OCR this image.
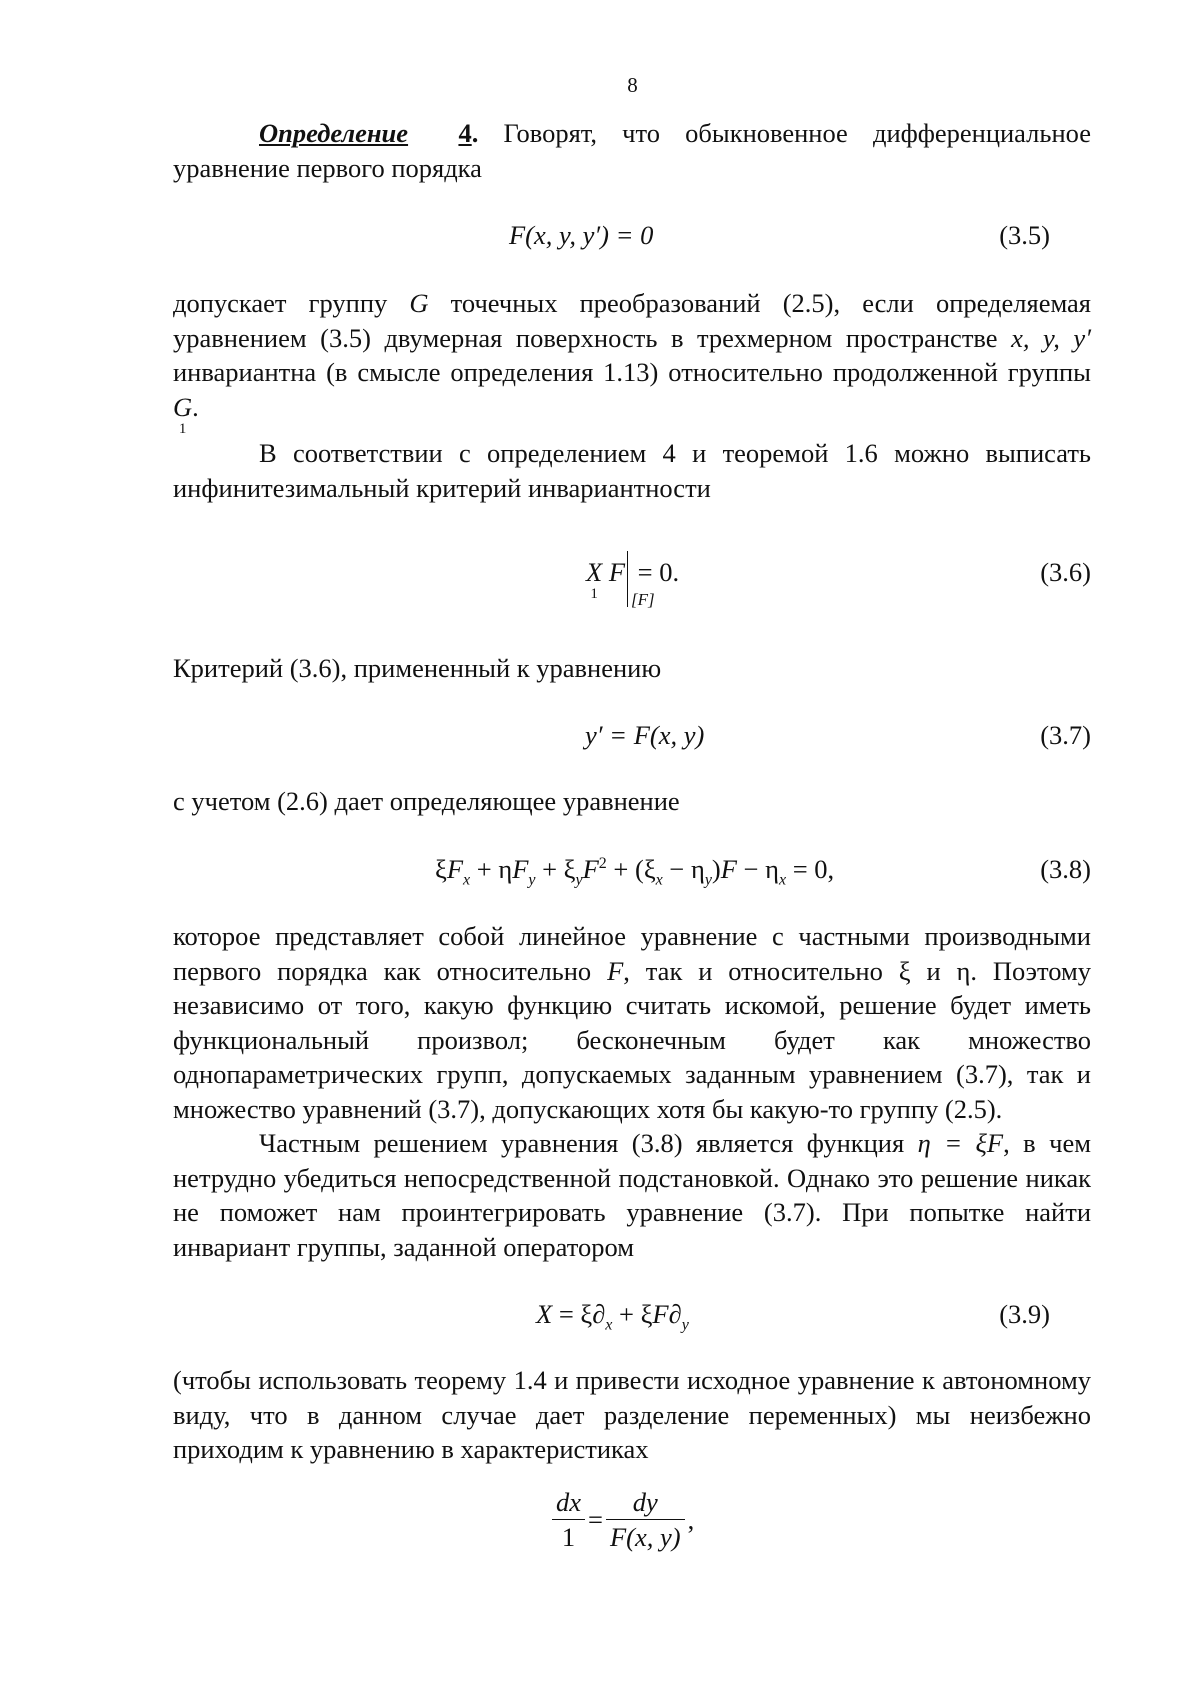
8

Определение 4. Говорят, что обыкновенное дифференциальное уравнение первого порядка

F(x, y, y′) = 0	(3.5)

допускает группу G точечных преобразований (2.5), если определяемая уравнением (3.5) двумерная поверхность в трехмерном пространстве x, y, y′ инвариантна (в смысле определения 1.13) относительно продолженной группы G
1
.

В соответствии с определением 4 и теоремой 1.6 можно выписать инфинитезимальный критерий инвариантности

X
1
F
[F]
= 0.	(3.6)

Критерий (3.6), примененный к уравнению

y′ = F(x, y)	(3.7)

с учетом (2.6) дает определяющее уравнение

$\xi F_x + \eta F_y + \xi_yF^2 + (\xi_x - \eta_y)F - \eta_x = 0$,	(3.8)

которое представляет собой линейное уравнение с частными производными первого порядка как относительно F, так и относительно ξ и η. Поэтому независимо от того, какую функцию считать искомой, решение будет иметь функциональный произвол; бесконечным будет как множество однопараметрических групп, допускаемых заданным уравнением (3.7), так и множество уравнений (3.7), допускающих хотя бы какую-то группу (2.5).

Частным решением уравнения (3.8) является функция η = ξF, в чем нетрудно убедиться непосредственной подстановкой. Однако это решение никак не поможет нам проинтегрировать уравнение (3.7). При попытке найти инвариант группы, заданной оператором

$X = \xi\partial_x + \xi F\partial_y$	(3.9)

(чтобы использовать теорему 1.4 и привести исходное уравнение к автономному виду, что в данном случае дает разделение переменных) мы неизбежно приходим к уравнению в характеристиках

$\frac{dx}{1} = \frac{dy}{F(x, y)}$ ,
